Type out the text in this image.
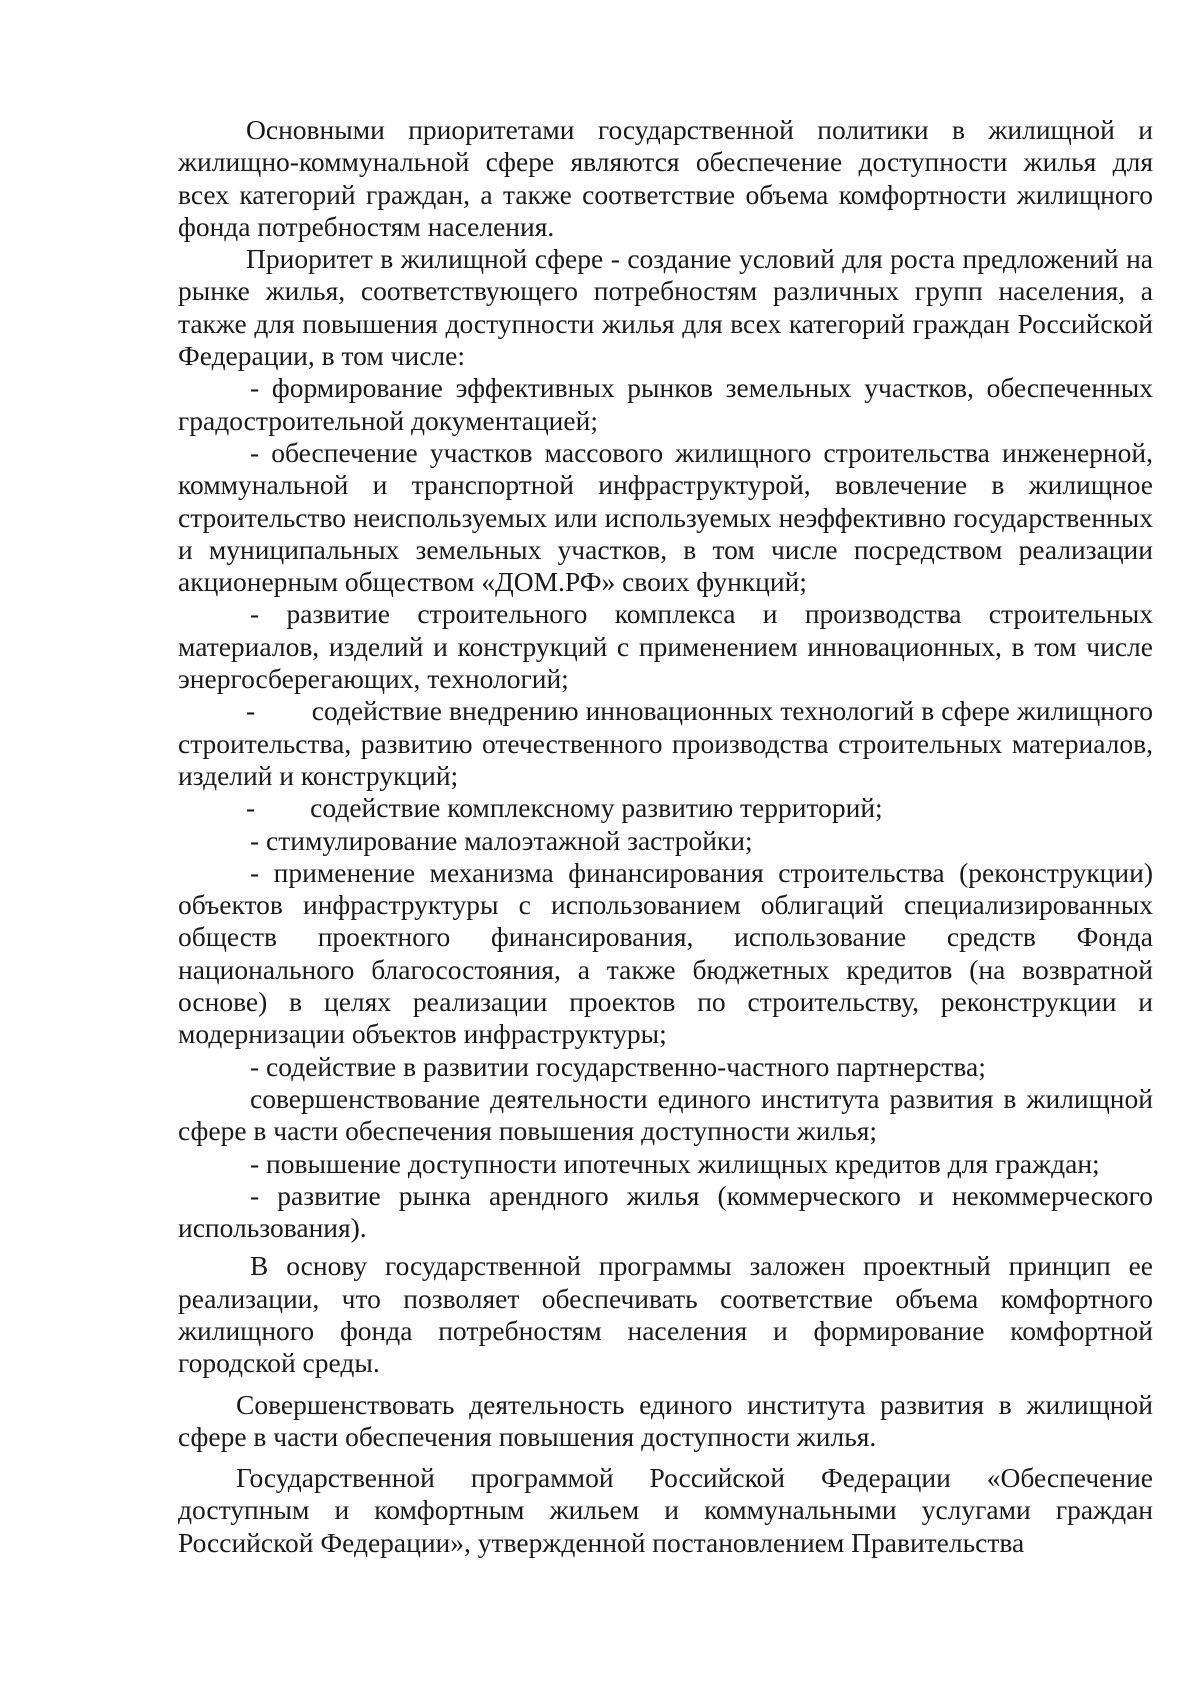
Основными приоритетами государственной политики в жилищной и жилищно-коммунальной сфере являются обеспечение доступности жилья для всех категорий граждан, а также соответствие объема комфортности жилищного фонда потребностям населения.

Приоритет в жилищной сфере - создание условий для роста предложений на рынке жилья, соответствующего потребностям различных групп населения, а также для повышения доступности жилья для всех категорий граждан Российской Федерации, в том числе:

- формирование эффективных рынков земельных участков, обеспеченных градостроительной документацией;

- обеспечение участков массового жилищного строительства инженерной, коммунальной и транспортной инфраструктурой, вовлечение в жилищное строительство неиспользуемых или используемых неэффективно государственных и муниципальных земельных участков, в том числе посредством реализации акционерным обществом «ДОМ.РФ» своих функций;

- развитие строительного комплекса и производства строительных материалов, изделий и конструкций с применением инновационных, в том числе энергосберегающих, технологий;

-        содействие внедрению инновационных технологий в сфере жилищного строительства, развитию отечественного производства строительных материалов, изделий и конструкций;

-        содействие комплексному развитию территорий;

- стимулирование малоэтажной застройки;

- применение механизма финансирования строительства (реконструкции) объектов инфраструктуры с использованием облигаций специализированных обществ проектного финансирования, использование средств Фонда национального благосостояния, а также бюджетных кредитов (на возвратной основе) в целях реализации проектов по строительству, реконструкции и модернизации объектов инфраструктуры;

- содействие в развитии государственно-частного партнерства;

совершенствование деятельности единого института развития в жилищной сфере в части обеспечения повышения доступности жилья;

- повышение доступности ипотечных жилищных кредитов для граждан;

- развитие рынка арендного жилья (коммерческого и некоммерческого использования).

В основу государственной программы заложен проектный принцип ее реализации, что позволяет обеспечивать соответствие объема комфортного жилищного фонда потребностям населения и формирование комфортной городской среды.

Совершенствовать деятельность единого института развития в жилищной сфере в части обеспечения повышения доступности жилья.

Государственной программой Российской Федерации «Обеспечение доступным и комфортным жильем и коммунальными услугами граждан Российской Федерации», утвержденной постановлением Правительства
